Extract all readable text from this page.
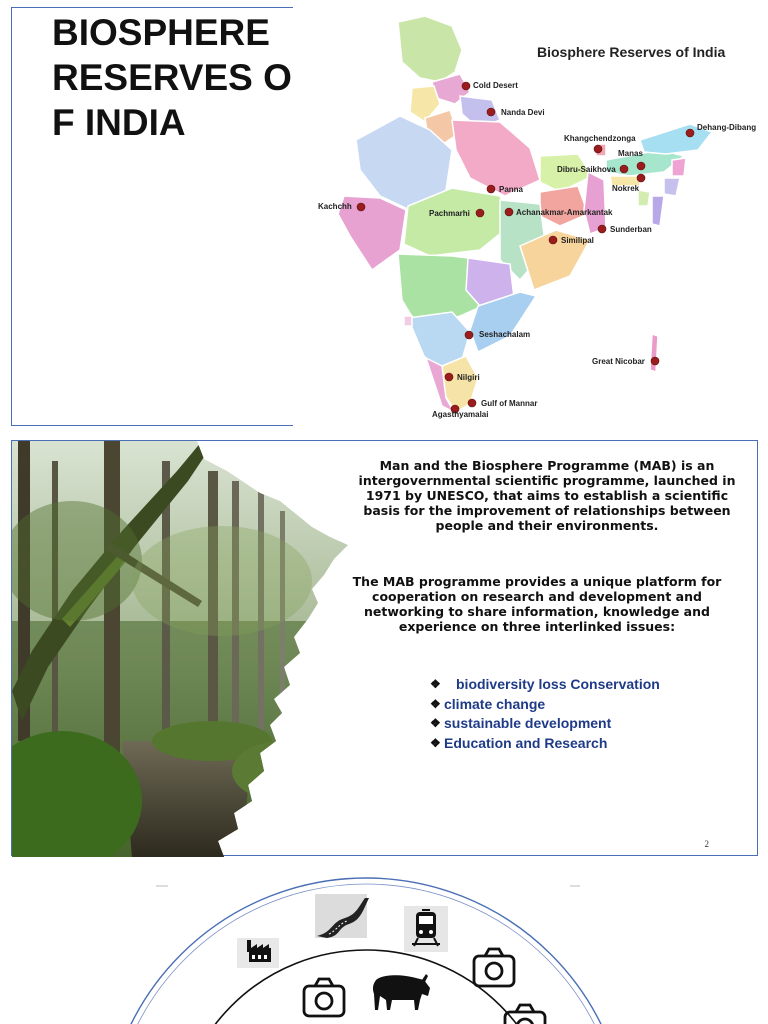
BIOSPHERE RESERVES OF INDIA
Biosphere Reserves of India
Cold Desert
Nanda Devi
Dehang-Dibang
Khangchendzonga
Manas
Dibru-Saikhova
Nokrek
Panna
Kachchh
Pachmarhi	Achanakmar-Amarkantak
Sunderban
Similipal
Seshachalam
Great Nicobar
Nilgiri
Gulf of Mannar
Agasthyamalai

Man and the Biosphere Programme (MAB) is an intergovernmental scientific programme, launched in 1971 by UNESCO, that aims to establish a scientific basis for the improvement of relationships between people and their environments.

The MAB programme provides a unique platform for cooperation on research and development and networking to share information, knowledge and experience on three interlinked issues:

❖ biodiversity loss Conservation
❖ climate change
❖ sustainable development
❖ Education and Research
2
